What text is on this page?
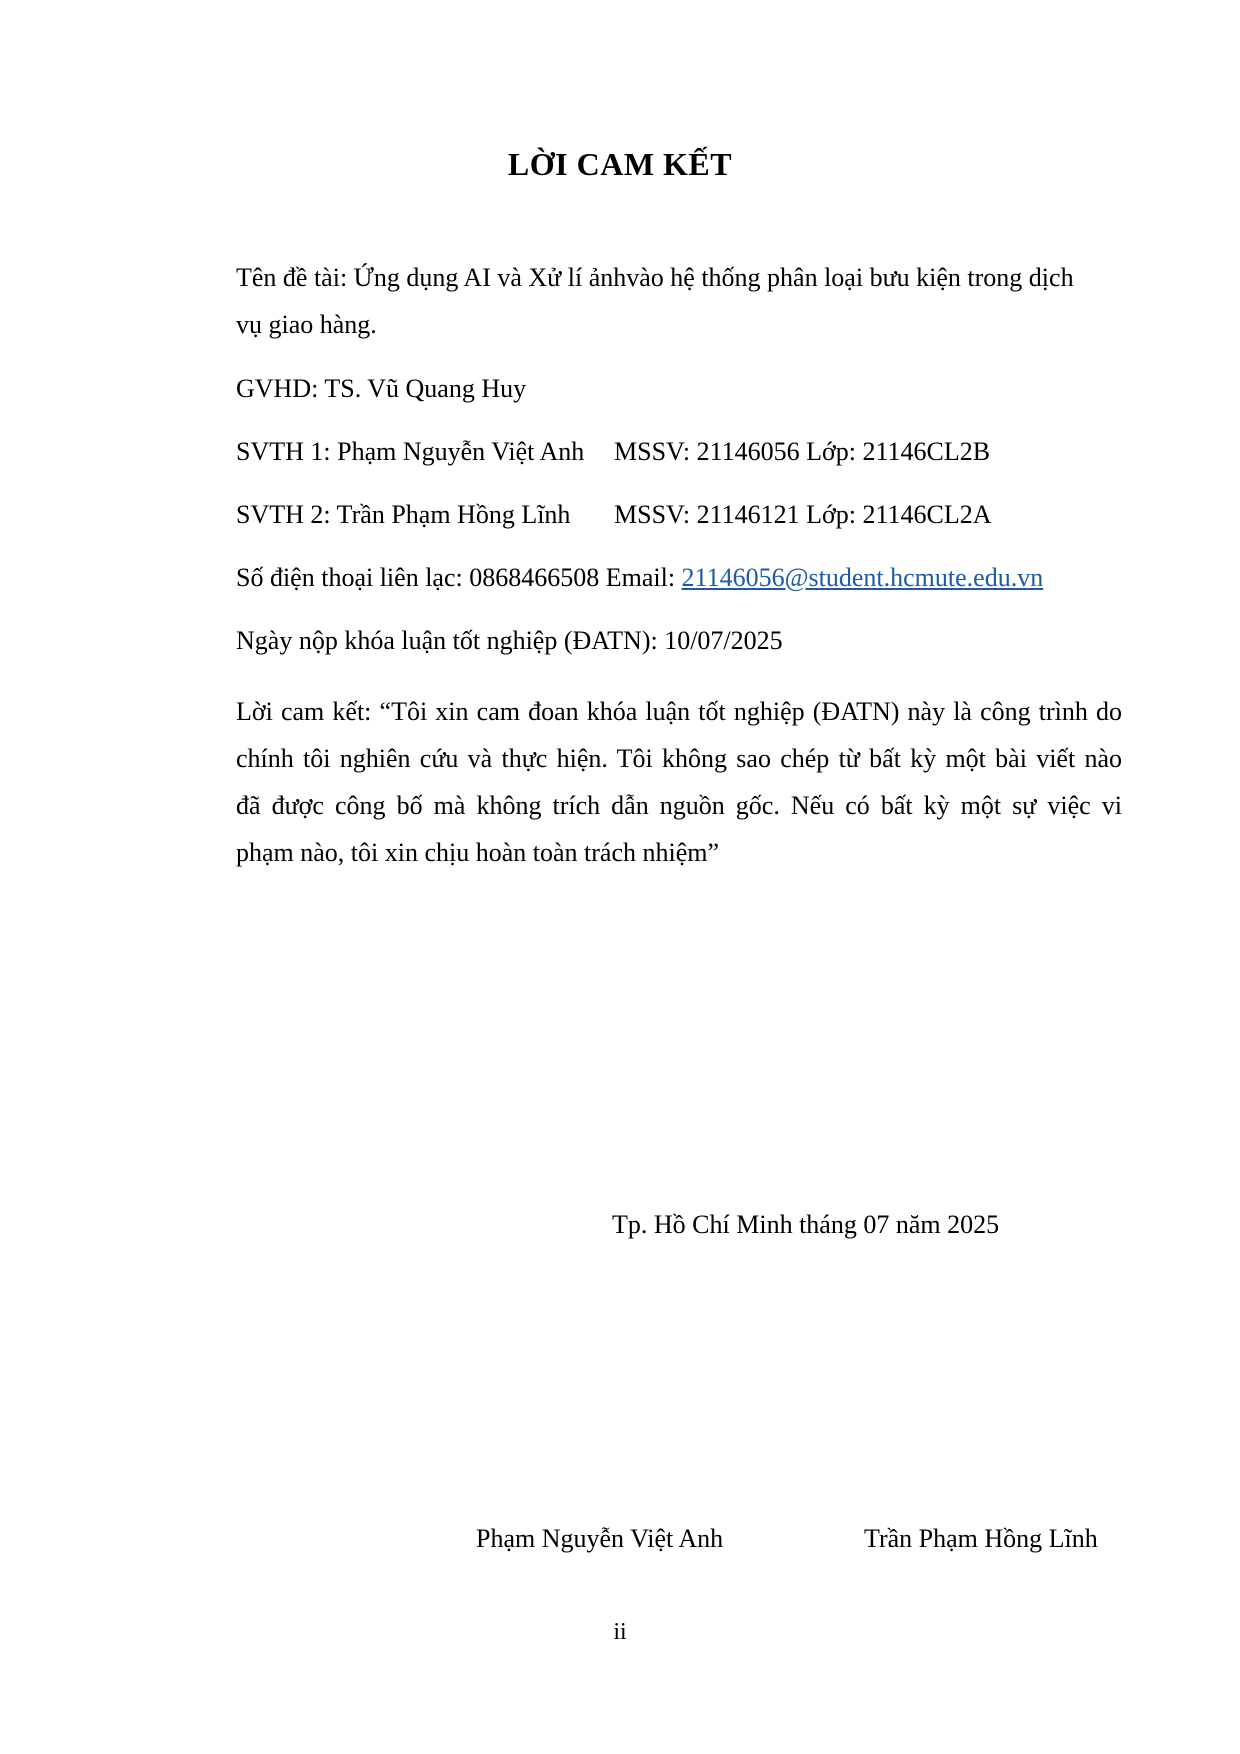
LỜI CAM KẾT
Tên đề tài: Ứng dụng AI và Xử lí ảnhvào hệ thống phân loại bưu kiện trong dịch
vụ giao hàng.
GVHD: TS. Vũ Quang Huy
SVTH 1: Phạm Nguyễn Việt Anh MSSV: 21146056 Lớp: 21146CL2B
SVTH 2: Trần Phạm Hồng Lĩnh MSSV: 21146121 Lớp: 21146CL2A
Số điện thoại liên lạc: 0868466508 Email: 21146056@student.hcmute.edu.vn
Ngày nộp khóa luận tốt nghiệp (ĐATN): 10/07/2025
Lời cam kết: “Tôi xin cam đoan khóa luận tốt nghiệp (ĐATN) này là công trình do
chính tôi nghiên cứu và thực hiện. Tôi không sao chép từ bất kỳ một bài viết nào
đã được công bố mà không trích dẫn nguồn gốc. Nếu có bất kỳ một sự việc vi
phạm nào, tôi xin chịu hoàn toàn trách nhiệm”
Tp. Hồ Chí Minh tháng 07 năm 2025
Phạm Nguyễn Việt Anh	Trần Phạm Hồng Lĩnh
ii
